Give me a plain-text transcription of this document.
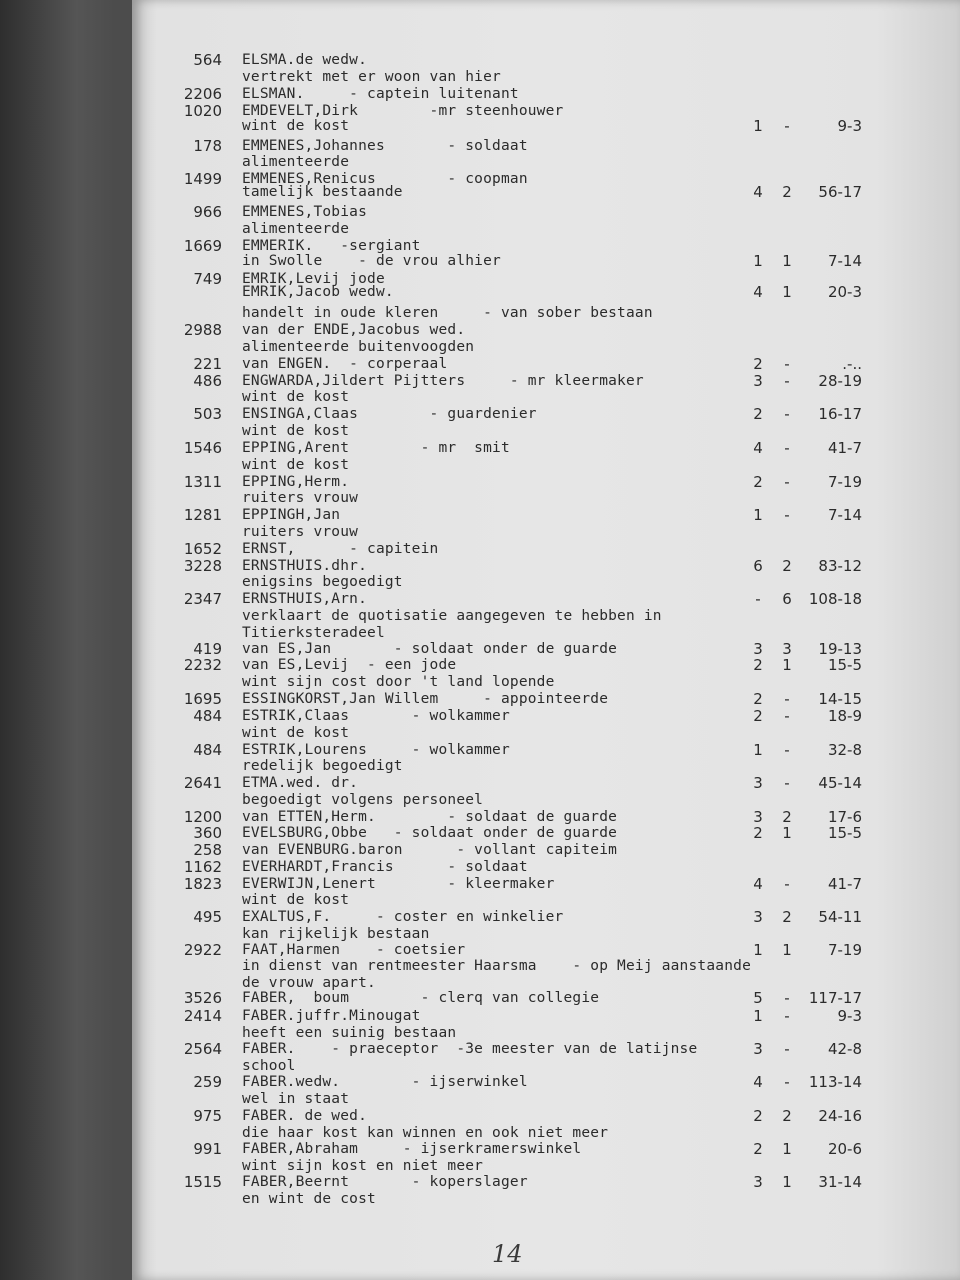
564 ELSMA.de wedw.
vertrekt met er woon van hier
2206 ELSMAN.     - captein luitenant
1020 EMDEVELT,Dirk        -mr steenhouwer
wint de kost	1 -	9-3
178 EMMENES,Johannes       - soldaat
alimenteerde
1499 EMMENES,Renicus        - coopman
tamelijk bestaande	4 2	56-17
966 EMMENES,Tobias
alimenteerde
1669 EMMERIK.   -sergiant
in Swolle    - de vrou alhier	1 1	7-14
749 EMRIK,Levij jode
EMRIK,Jacob wedw.	4 1	20-3
handelt in oude kleren     - van sober bestaan
2988 van der ENDE,Jacobus wed.
alimenteerde buitenvoogden
221 van ENGEN.  - corperaal	2 -	.-..
486 ENGWARDA,Jildert Pijtters     - mr kleermaker	3 -	28-19
wint de kost
503 ENSINGA,Claas        - guardenier	2 -	16-17
wint de kost
1546 EPPING,Arent        - mr  smit	4 -	41-7
wint de kost
1311 EPPING,Herm.	2 -	7-19
ruiters vrouw
1281 EPPINGH,Jan	1 -	7-14
ruiters vrouw
1652 ERNST,      - capitein
3228 ERNSTHUIS.dhr.	6 2	83-12
enigsins begoedigt
2347 ERNSTHUIS,Arn.	- 6	108-18
verklaart de quotisatie aangegeven te hebben in
Titierksteradeel
419 van ES,Jan       - soldaat onder de guarde	3 3	19-13
2232 van ES,Levij  - een jode	2 1	15-5
wint sijn cost door 't land lopende
1695 ESSINGKORST,Jan Willem     - appointeerde	2 -	14-15
484 ESTRIK,Claas       - wolkammer	2 -	18-9
wint de kost
484 ESTRIK,Lourens     - wolkammer	1 -	32-8
redelijk begoedigt
2641 ETMA.wed. dr.	3 -	45-14
begoedigt volgens personeel
1200 van ETTEN,Herm.        - soldaat de guarde	3 2	17-6
360 EVELSBURG,Obbe   - soldaat onder de guarde	2 1	15-5
258 van EVENBURG.baron      - vollant capiteim
1162 EVERHARDT,Francis      - soldaat
1823 EVERWIJN,Lenert        - kleermaker	4 -	41-7
wint de kost
495 EXALTUS,F.     - coster en winkelier	3 2	54-11
kan rijkelijk bestaan
2922 FAAT,Harmen    - coetsier	1 1	7-19
in dienst van rentmeester Haarsma    - op Meij aanstaande
de vrouw apart.
3526 FABER,  boum        - clerq van collegie	5 -	117-17
2414 FABER.juffr.Minougat	1 -	9-3
heeft een suinig bestaan
2564 FABER.    - praeceptor  -3e meester van de latijnse	3 -	42-8
school
259 FABER.wedw.        - ijserwinkel	4 -	113-14
wel in staat
975 FABER. de wed.	2 2	24-16
die haar kost kan winnen en ook niet meer
991 FABER,Abraham     - ijserkramerswinkel	2 1	20-6
wint sijn kost en niet meer
1515 FABER,Beernt       - koperslager	3 1	31-14
en wint de cost
14
